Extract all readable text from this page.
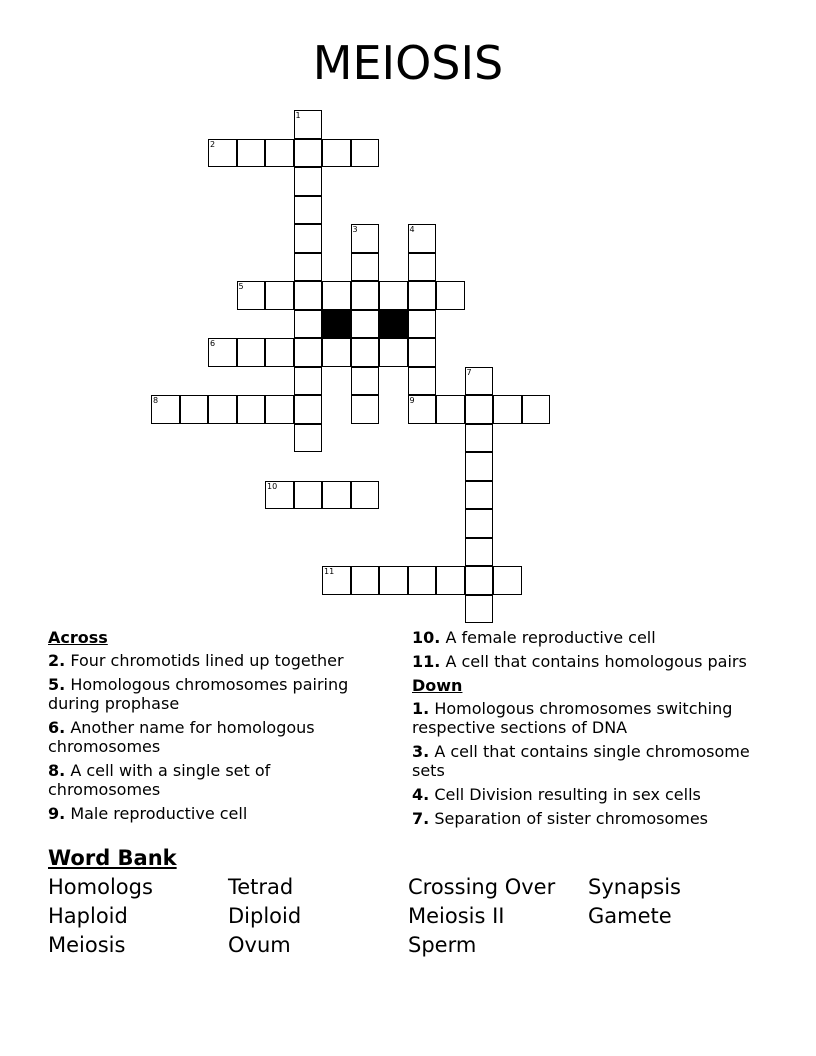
MEIOSIS
2
1
3	4
5
6
8	9
10
11
7
Across
2. Four chromotids lined up together
5. Homologous chromosomes pairing during prophase
6. Another name for homologous chromosomes
8. A cell with a single set of chromosomes
9. Male reproductive cell
10. A female reproductive cell
11. A cell that contains homologous pairs
Down
1. Homologous chromosomes switching respective sections of DNA
3. A cell that contains single chromosome sets
4. Cell Division resulting in sex cells
7. Separation of sister chromosomes
Word Bank
Homologs	Tetrad	Crossing Over	Synapsis
Haploid	Diploid	Meiosis II	Gamete
Meiosis	Ovum	Sperm
